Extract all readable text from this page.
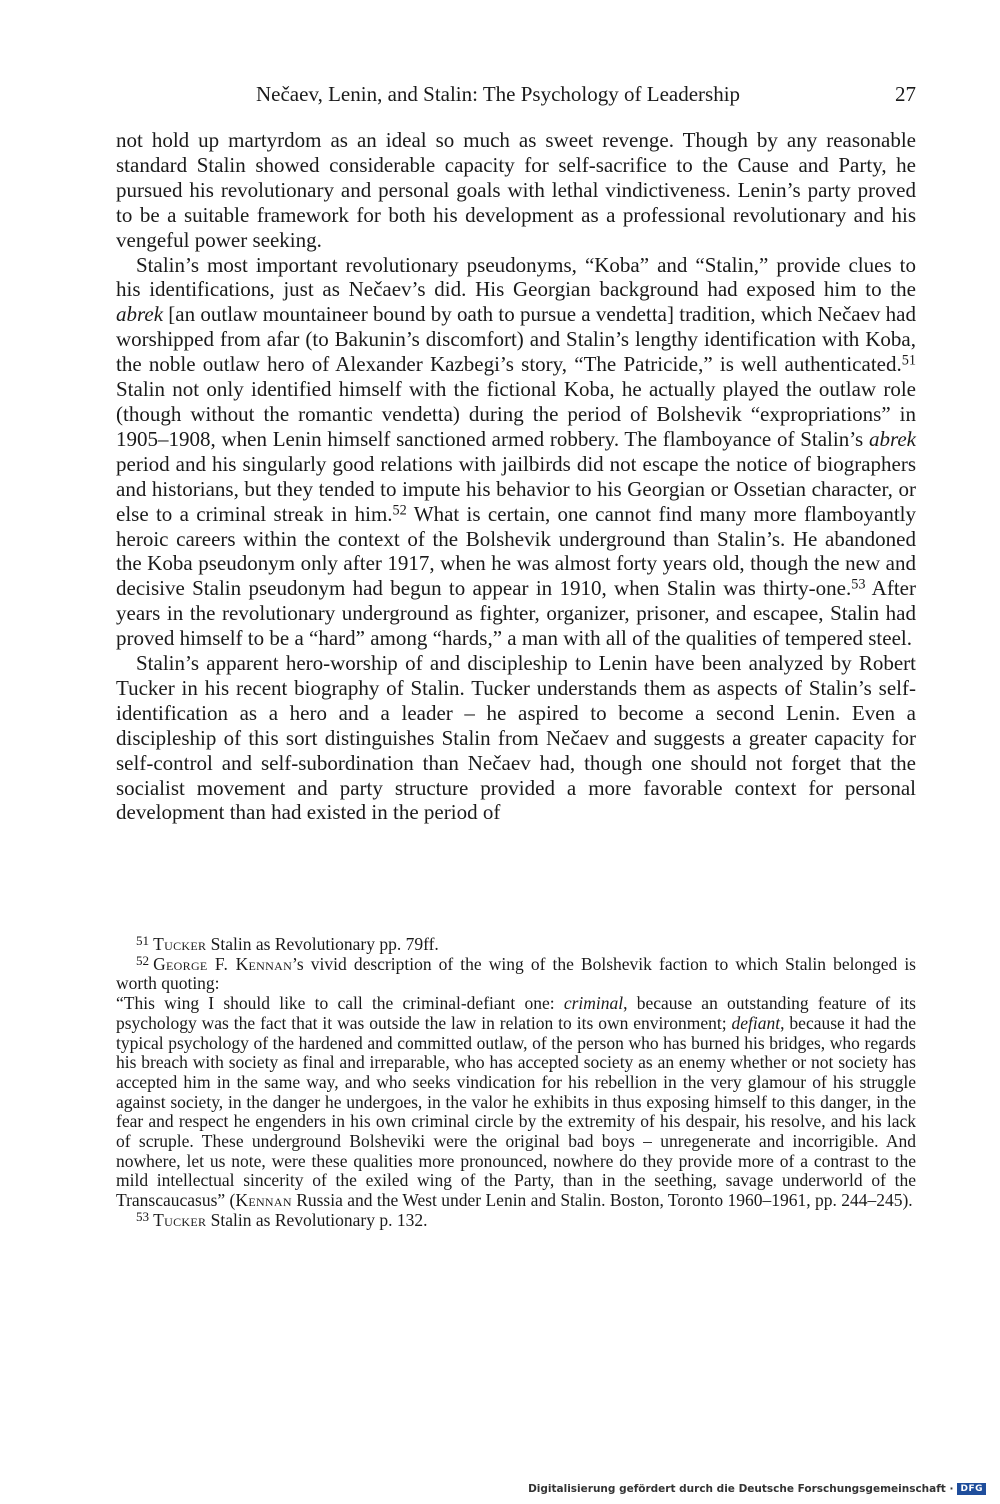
Nečaev, Lenin, and Stalin: The Psychology of Leadership	27

not hold up martyrdom as an ideal so much as sweet revenge. Though by any reasonable standard Stalin showed considerable capacity for self-sacrifice to the Cause and Party, he pursued his revolutionary and personal goals with lethal vindictiveness. Lenin’s party proved to be a suitable framework for both his development as a professional revolutionary and his vengeful power seeking.

Stalin’s most important revolutionary pseudonyms, “Koba” and “Stalin,” provide clues to his identifications, just as Nečaev’s did. His Georgian background had exposed him to the abrek [an outlaw mountaineer bound by oath to pursue a vendetta] tradition, which Nečaev had worshipped from afar (to Bakunin’s discomfort) and Stalin’s lengthy identification with Koba, the noble outlaw hero of Alexander Kazbegi’s story, “The Patricide,” is well authenticated.$^{51}$ Stalin not only identified himself with the fictional Koba, he actually played the outlaw role (though without the romantic vendetta) during the period of Bolshevik “expropriations” in 1905–1908, when Lenin himself sanctioned armed robbery. The flamboyance of Stalin’s abrek period and his singularly good relations with jailbirds did not escape the notice of biographers and historians, but they tended to impute his behavior to his Georgian or Ossetian character, or else to a criminal streak in him.$^{52}$ What is certain, one cannot find many more flamboyantly heroic careers within the context of the Bolshevik underground than Stalin’s. He abandoned the Koba pseudonym only after 1917, when he was almost forty years old, though the new and decisive Stalin pseudonym had begun to appear in 1910, when Stalin was thirty-one.$^{53}$ After years in the revolutionary underground as fighter, organizer, prisoner, and escapee, Stalin had proved himself to be a “hard” among “hards,” a man with all of the qualities of tempered steel.

Stalin’s apparent hero-worship of and discipleship to Lenin have been analyzed by Robert Tucker in his recent biography of Stalin. Tucker understands them as aspects of Stalin’s self-identification as a hero and a leader – he aspired to become a second Lenin. Even a discipleship of this sort distinguishes Stalin from Nečaev and suggests a greater capacity for self-control and self-subordination than Nečaev had, though one should not forget that the socialist movement and party structure provided a more favorable context for personal development than had existed in the period of

$^{51}$ Tucker Stalin as Revolutionary pp. 79ff.

$^{52}$ George F. Kennan’s vivid description of the wing of the Bolshevik faction to which Stalin belonged is worth quoting:

“This wing I should like to call the criminal-defiant one: criminal, because an outstanding feature of its psychology was the fact that it was outside the law in relation to its own environment; defiant, because it had the typical psychology of the hardened and committed outlaw, of the person who has burned his bridges, who regards his breach with society as final and irreparable, who has accepted society as an enemy whether or not society has accepted him in the same way, and who seeks vindication for his rebellion in the very glamour of his struggle against society, in the danger he undergoes, in the valor he exhibits in thus exposing himself to this danger, in the fear and respect he engenders in his own criminal circle by the extremity of his despair, his resolve, and his lack of scruple. These underground Bolsheviki were the original bad boys – unregenerate and incorrigible. And nowhere, let us note, were these qualities more pronounced, nowhere do they provide more of a contrast to the mild intellectual sincerity of the exiled wing of the Party, than in the seething, savage underworld of the Transcaucasus” (Kennan Russia and the West under Lenin and Stalin. Boston, Toronto 1960–1961, pp. 244–245).

$^{53}$ Tucker Stalin as Revolutionary p. 132.

Digitalisierung gefördert durch die Deutsche Forschungsgemeinschaft · DFG
